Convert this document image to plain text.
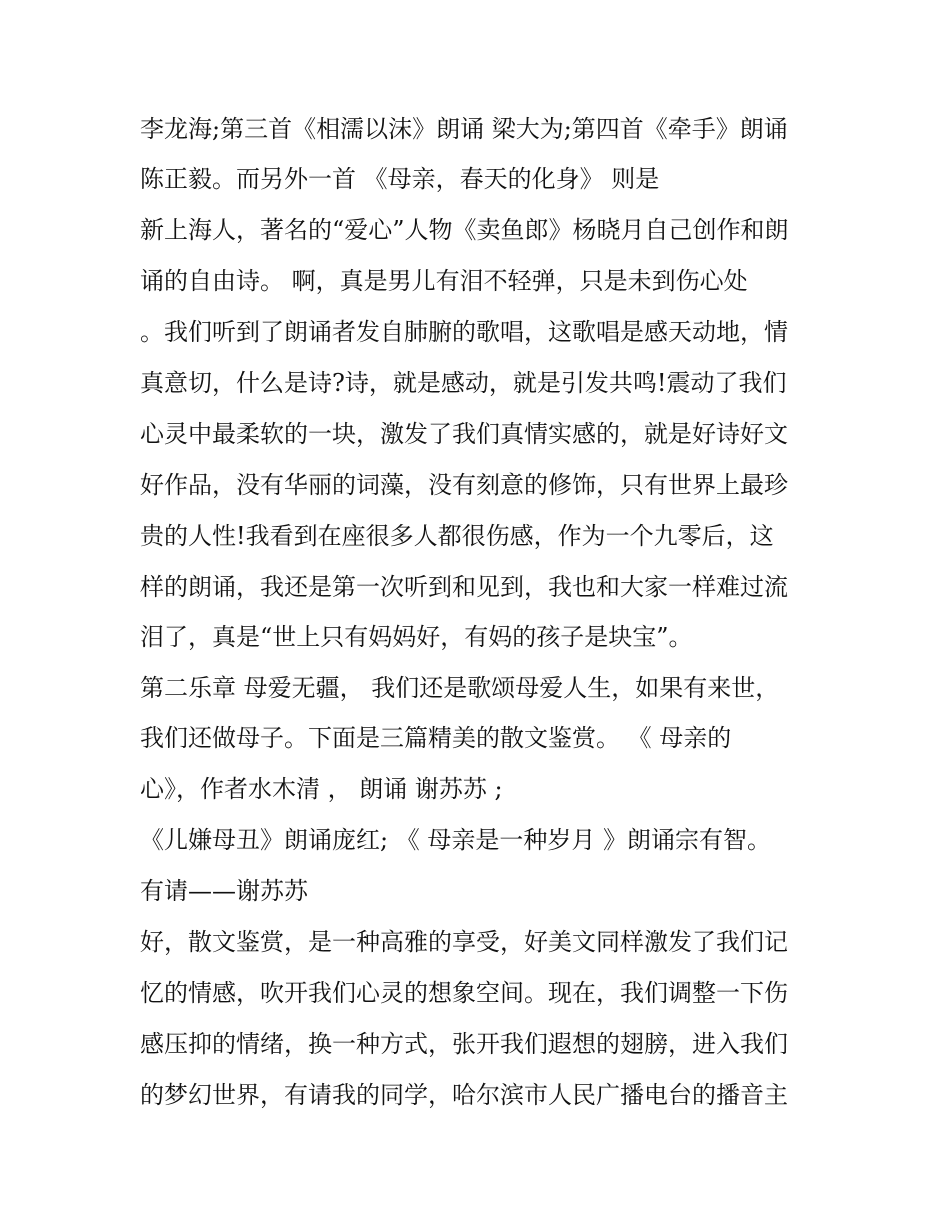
李龙海;第三首《相濡以沫》朗诵 梁大为;第四首《牵手》朗诵
陈正毅。而另外一首 《母亲，春天的化身》 则是
新上海人，著名的“爱心”人物《卖鱼郎》杨晓月自己创作和朗
诵的自由诗。 啊，真是男儿有泪不轻弹，只是未到伤心处
。我们听到了朗诵者发自肺腑的歌唱，这歌唱是感天动地，情
真意切，什么是诗?诗，就是感动，就是引发共鸣!震动了我们
心灵中最柔软的一块，激发了我们真情实感的，就是好诗好文
好作品，没有华丽的词藻，没有刻意的修饰，只有世界上最珍
贵的人性!我看到在座很多人都很伤感，作为一个九零后，这
样的朗诵，我还是第一次听到和见到，我也和大家一样难过流
泪了，真是“世上只有妈妈好，有妈的孩子是块宝”。
第二乐章 母爱无疆， 我们还是歌颂母爱人生，如果有来世，
我们还做母子。下面是三篇精美的散文鉴赏。 《 母亲的
心》，作者水木清 ， 朗诵 谢苏苏 ;
《儿嫌母丑》朗诵庞红; 《 母亲是一种岁月 》朗诵宗有智。
有请——谢苏苏
好，散文鉴赏，是一种高雅的享受，好美文同样激发了我们记
忆的情感，吹开我们心灵的想象空间。现在，我们调整一下伤
感压抑的情绪，换一种方式，张开我们遐想的翅膀，进入我们
的梦幻世界，有请我的同学，哈尔滨市人民广播电台的播音主
